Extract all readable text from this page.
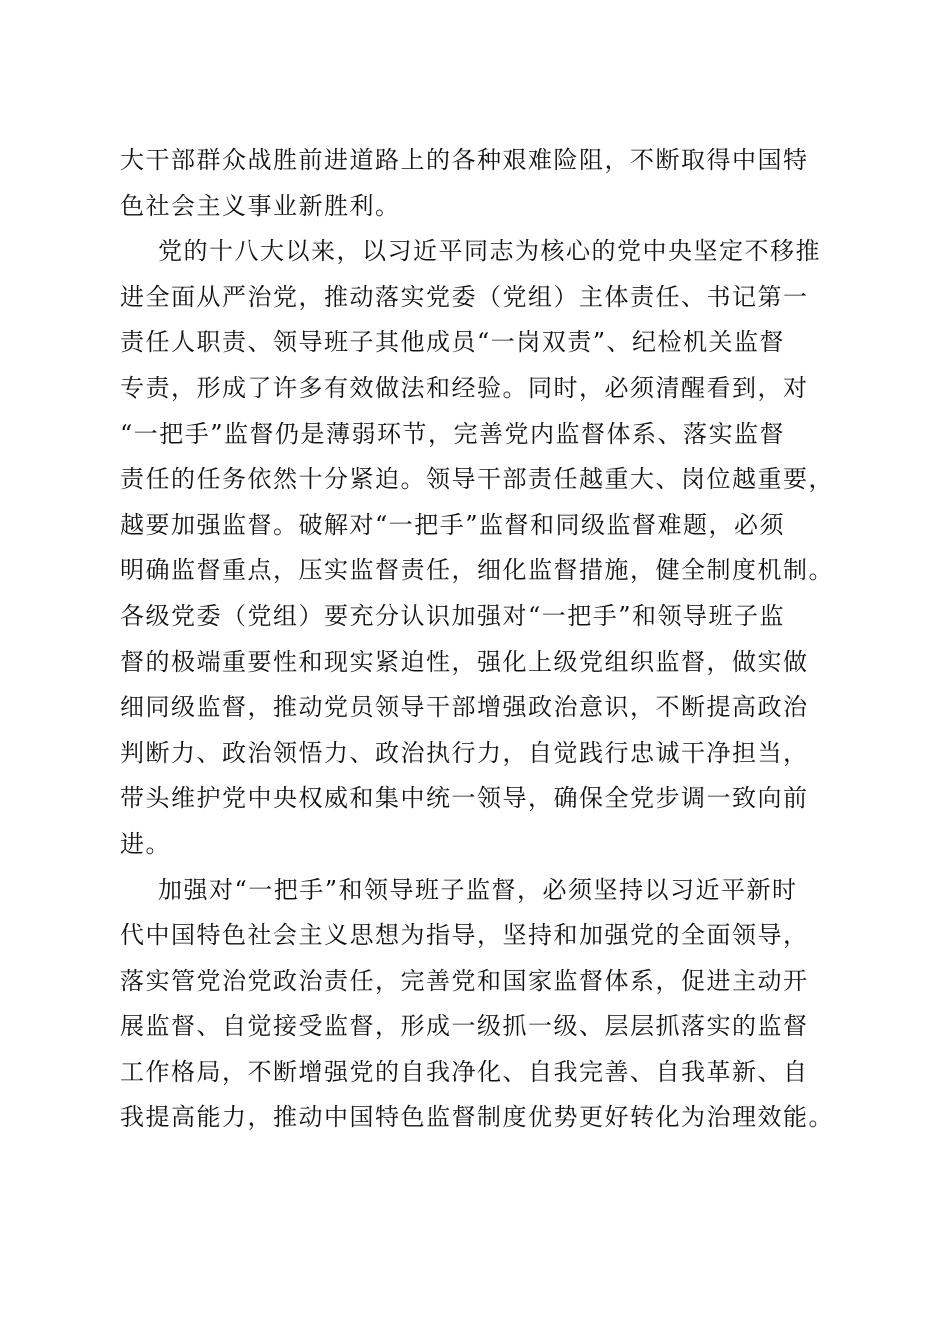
大干部群众战胜前进道路上的各种艰难险阻，不断取得中国特
色社会主义事业新胜利。
党的十八大以来，以习近平同志为核心的党中央坚定不移推
进全面从严治党，推动落实党委（党组）主体责任、书记第一
责任人职责、领导班子其他成员“一岗双责”、纪检机关监督
专责，形成了许多有效做法和经验。同时，必须清醒看到，对
“一把手”监督仍是薄弱环节，完善党内监督体系、落实监督
责任的任务依然十分紧迫。领导干部责任越重大、岗位越重要，
越要加强监督。破解对“一把手”监督和同级监督难题，必须
明确监督重点，压实监督责任，细化监督措施，健全制度机制。
各级党委（党组）要充分认识加强对“一把手”和领导班子监
督的极端重要性和现实紧迫性，强化上级党组织监督，做实做
细同级监督，推动党员领导干部增强政治意识，不断提高政治
判断力、政治领悟力、政治执行力，自觉践行忠诚干净担当，
带头维护党中央权威和集中统一领导，确保全党步调一致向前
进。
加强对“一把手”和领导班子监督，必须坚持以习近平新时
代中国特色社会主义思想为指导，坚持和加强党的全面领导，
落实管党治党政治责任，完善党和国家监督体系，促进主动开
展监督、自觉接受监督，形成一级抓一级、层层抓落实的监督
工作格局，不断增强党的自我净化、自我完善、自我革新、自
我提高能力，推动中国特色监督制度优势更好转化为治理效能。
